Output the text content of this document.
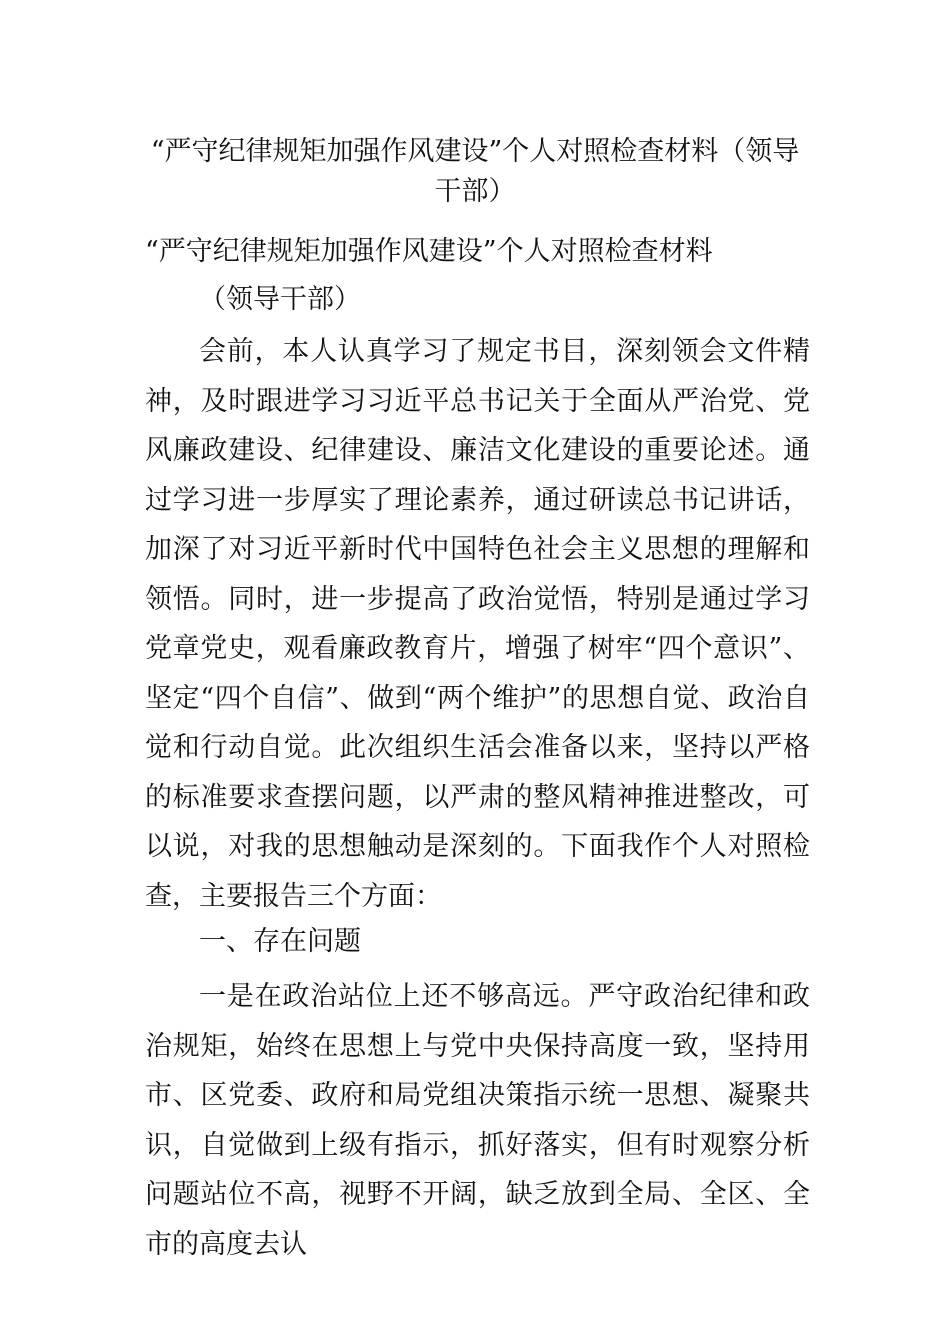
“严守纪律规矩加强作风建设”个人对照检查材料（领导干部）
“严守纪律规矩加强作风建设”个人对照检查材料
（领导干部）
会前，本人认真学习了规定书目，深刻领会文件精神，及时跟进学习习近平总书记关于全面从严治党、党风廉政建设、纪律建设、廉洁文化建设的重要论述。通过学习进一步厚实了理论素养，通过研读总书记讲话，加深了对习近平新时代中国特色社会主义思想的理解和领悟。同时，进一步提高了政治觉悟，特别是通过学习党章党史，观看廉政教育片，增强了树牢“四个意识”、坚定“四个自信”、做到“两个维护”的思想自觉、政治自觉和行动自觉。此次组织生活会准备以来，坚持以严格的标准要求查摆问题，以严肃的整风精神推进整改，可以说，对我的思想触动是深刻的。下面我作个人对照检查，主要报告三个方面：
一、存在问题
一是在政治站位上还不够高远。严守政治纪律和政治规矩，始终在思想上与党中央保持高度一致，坚持用市、区党委、政府和局党组决策指示统一思想、凝聚共识，自觉做到上级有指示，抓好落实，但有时观察分析问题站位不高，视野不开阔，缺乏放到全局、全区、全市的高度去认
